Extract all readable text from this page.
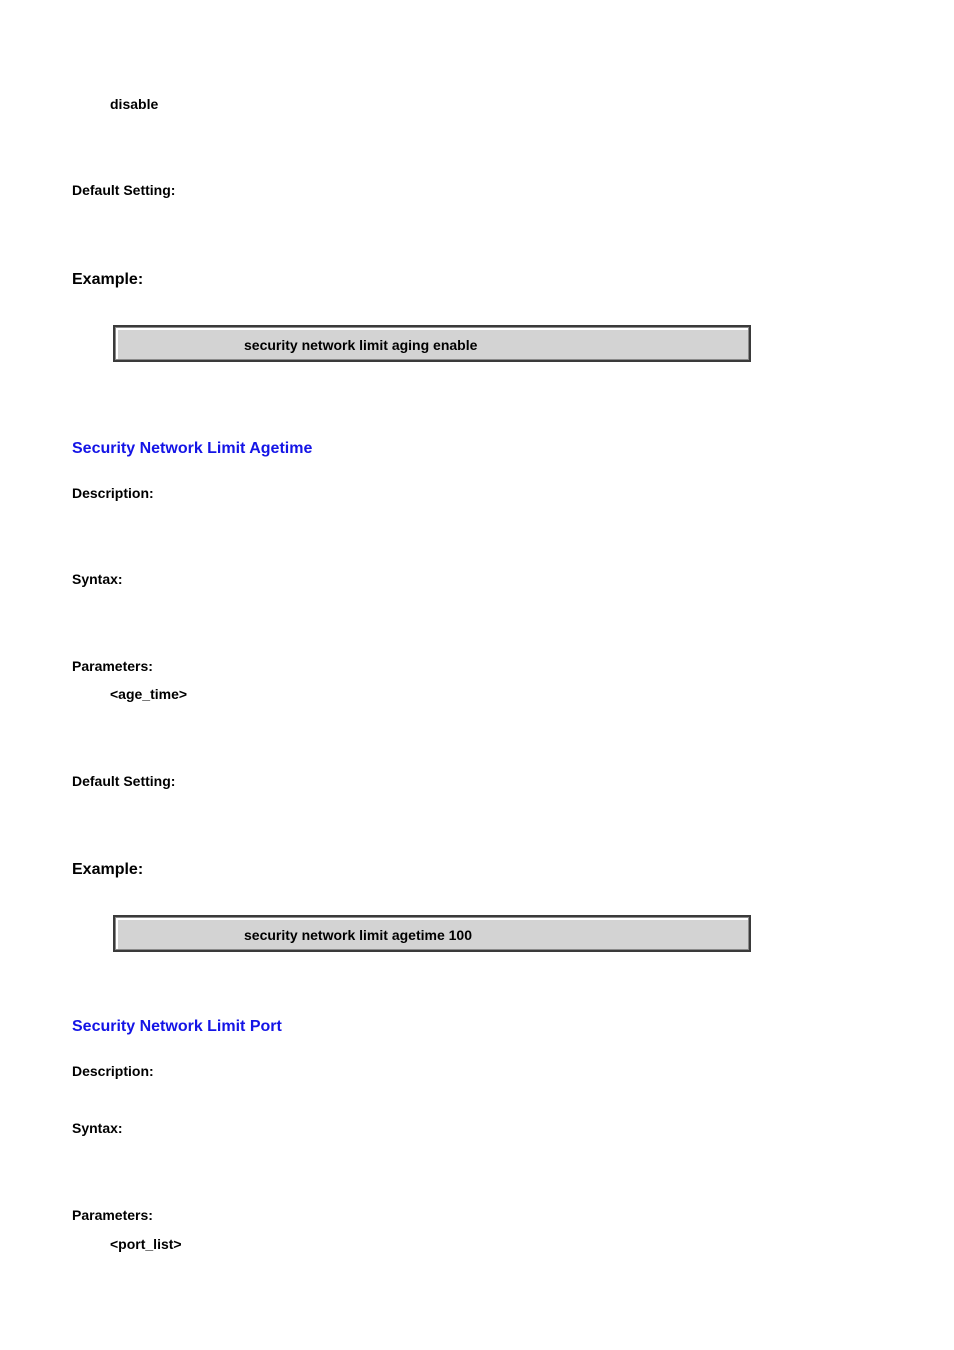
disable
Default Setting:
Example:
security network limit aging enable
Security Network Limit Agetime
Description:
Syntax:
Parameters:
<age_time>
Default Setting:
Example:
security network limit agetime 100
Security Network Limit Port
Description:
Syntax:
Parameters:
<port_list>
